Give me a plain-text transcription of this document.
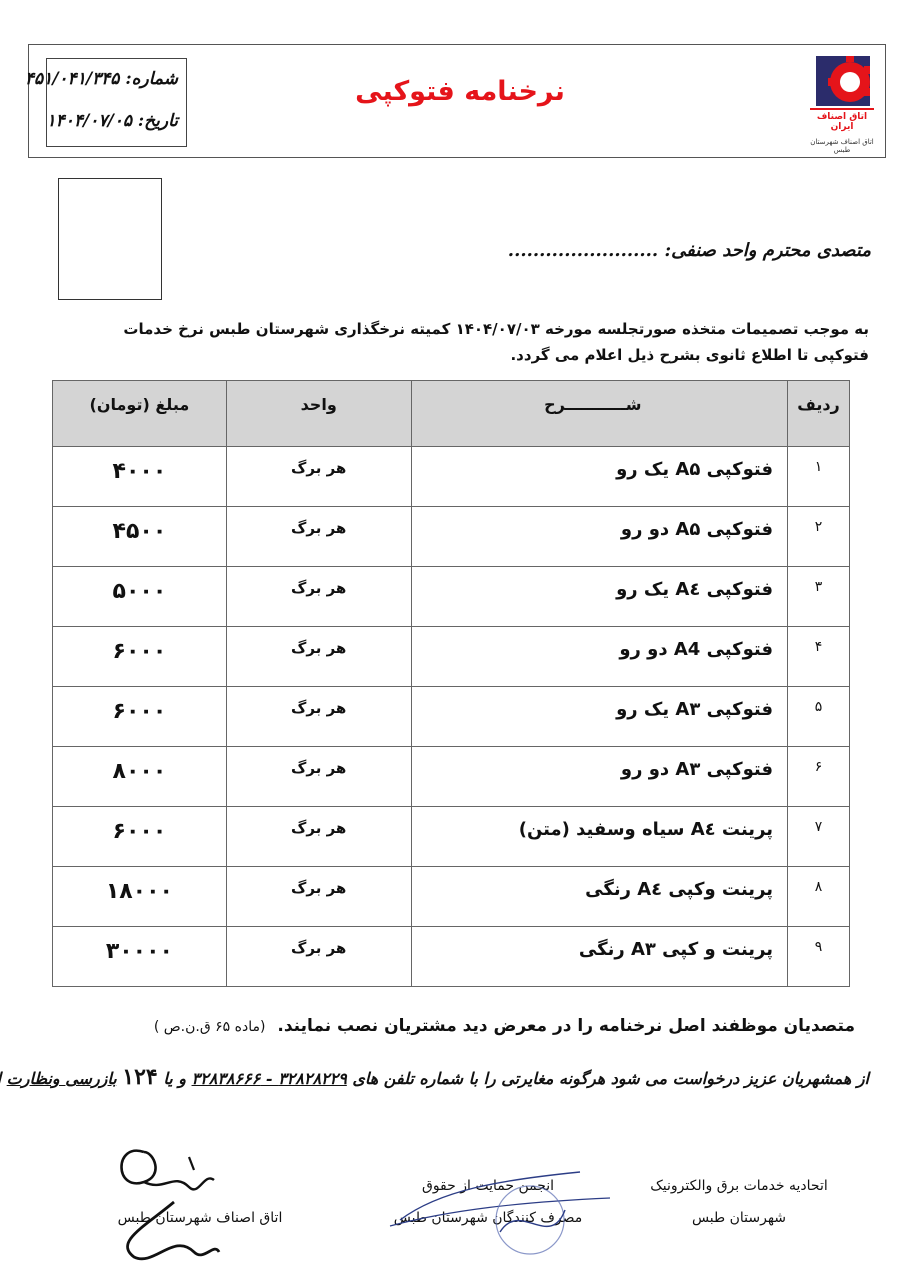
شماره: ۴۵۱/۰۴۱/۳۴۵
تاریخ: ۱۴۰۴/۰۷/۰۵
نرخنامه فتوکپی
اتاق اصناف ایران
اتاق اصناف شهرستان طبس
متصدی محترم واحد صنفی: ........................
به موجب تصمیمات متخذه صورتجلسه مورخه ۱۴۰۴/۰۷/۰۳ کمیته نرخگذاری شهرستان طبس نرخ خدمات فتوکپی تا اطلاع ثانوی بشرح ذیل اعلام می گردد.
ردیف	شـــــــــــرح	واحد	مبلغ (تومان)
۱	فتوکپی A۵ یک رو	هر برگ	۴۰۰۰
۲	فتوکپی A۵ دو رو	هر برگ	۴۵۰۰
۳	فتوکپی A٤ یک رو	هر برگ	۵۰۰۰
۴	فتوکپی A4 دو رو	هر برگ	۶۰۰۰
۵	فتوکپی A۳ یک رو	هر برگ	۶۰۰۰
۶	فتوکپی A۳ دو رو	هر برگ	۸۰۰۰
۷	پرینت A٤ سیاه وسفید (متن)	هر برگ	۶۰۰۰
۸	پرینت وکپی A٤ رنگی	هر برگ	۱۸۰۰۰
۹	پرینت و کپی A۳ رنگی	هر برگ	۳۰۰۰۰
متصدیان موظفند اصل نرخنامه را در معرض دید مشتریان نصب نمایند. (ماده ۶۵ ق.ن.ص )
از همشهریان عزیز درخواست می شود هرگونه مغایرتی را با شماره تلفن های ۳۲۸۲۸۲۲۹ - ۳۲۸۳۸۶۶۶ و یا ۱۲۴ بازرسی ونظارت
اتحادیه خدمات برق والکترونیک
شهرستان طبس
انجمن حمایت از حقوق
مصرف کنندگان شهرستان طبس
اتاق اصناف شهرستان طبس
